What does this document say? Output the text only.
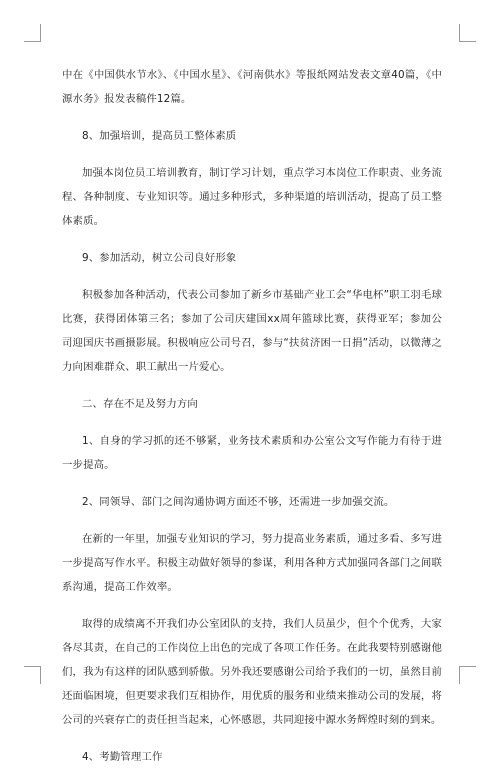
中在《中国供水节水》、《中国水星》、《河南供水》等报纸网站发表文章40篇，《中源水务》报发表稿件12篇。

8、加强培训，提高员工整体素质

加强本岗位员工培训教育，制订学习计划，重点学习本岗位工作职责、业务流程、各种制度、专业知识等。通过多种形式，多种渠道的培训活动，提高了员工整体素质。

9、参加活动，树立公司良好形象

积极参加各种活动，代表公司参加了新乡市基础产业工会“华电杯”职工羽毛球比赛，获得团体第三名；参加了公司庆建国xx周年篮球比赛，获得亚军；参加公司迎国庆书画摄影展。积极响应公司号召，参与“扶贫济困一日捐”活动，以微薄之力向困难群众、职工献出一片爱心。

二、存在不足及努力方向

1、自身的学习抓的还不够紧，业务技术素质和办公室公文写作能力有待于进一步提高。

2、同领导、部门之间沟通协调方面还不够，还需进一步加强交流。

在新的一年里，加强专业知识的学习，努力提高业务素质，通过多看、多写进一步提高写作水平。积极主动做好领导的参谋，利用各种方式加强同各部门之间联系沟通，提高工作效率。

取得的成绩离不开我们办公室团队的支持，我们人员虽少，但个个优秀，大家各尽其责，在自己的工作岗位上出色的完成了各项工作任务。在此我要特别感谢他们，我为有这样的团队感到骄傲。另外我还要感谢公司给予我们的一切，虽然目前还面临困境，但更要求我们互相协作，用优质的服务和业绩来推动公司的发展，将公司的兴衰存亡的责任担当起来，心怀感恩，共同迎接中源水务辉煌时刻的到来。

4、考勤管理工作
